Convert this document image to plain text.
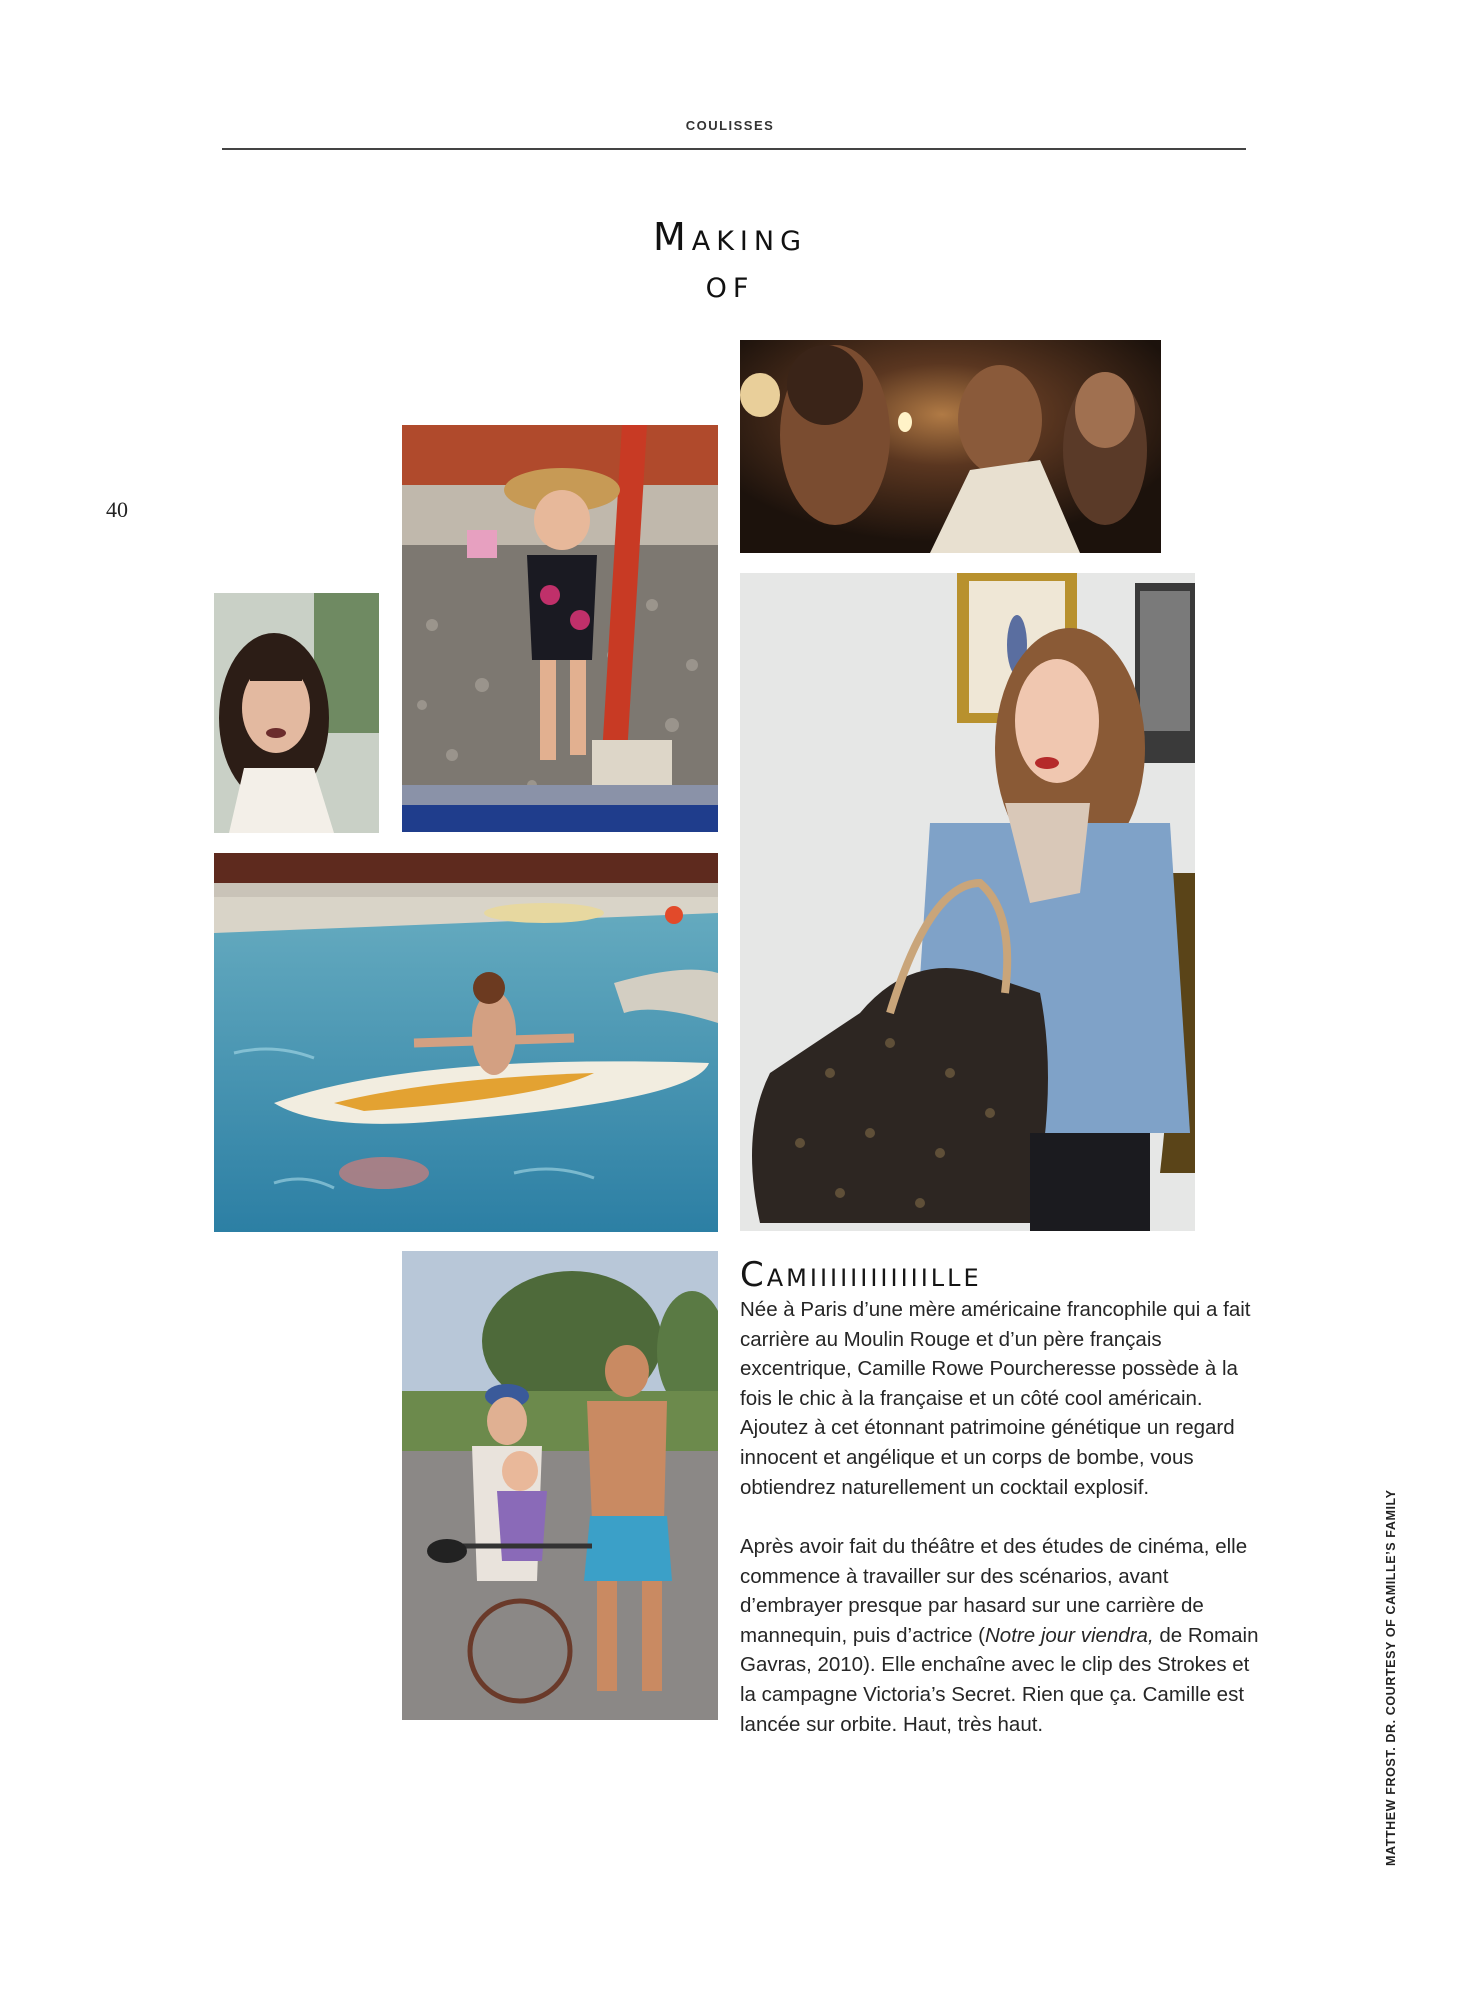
COULISSES
Making
of
40
Camiiiiiiiiiiiille

Née à Paris d’une mère américaine francophile qui a fait carrière au Moulin Rouge et d’un père français excentrique, Camille Rowe Pourcheresse possède à la fois le chic à la française et un côté cool américain. Ajoutez à cet étonnant patrimoine génétique un regard innocent et angélique et un corps de bombe, vous obtiendrez naturellement un cocktail explosif.

Après avoir fait du théâtre et des études de cinéma, elle commence à travailler sur des scénarios, avant d’embrayer presque par hasard sur une carrière de mannequin, puis d’actrice (Notre jour viendra, de Romain Gavras, 2010). Elle enchaîne avec le clip des Strokes et la campagne Victoria’s Secret. Rien que ça. Camille est lancée sur orbite. Haut, très haut.	MATTHEW FROST. DR. COURTESY OF CAMILLE’S FAMILY
